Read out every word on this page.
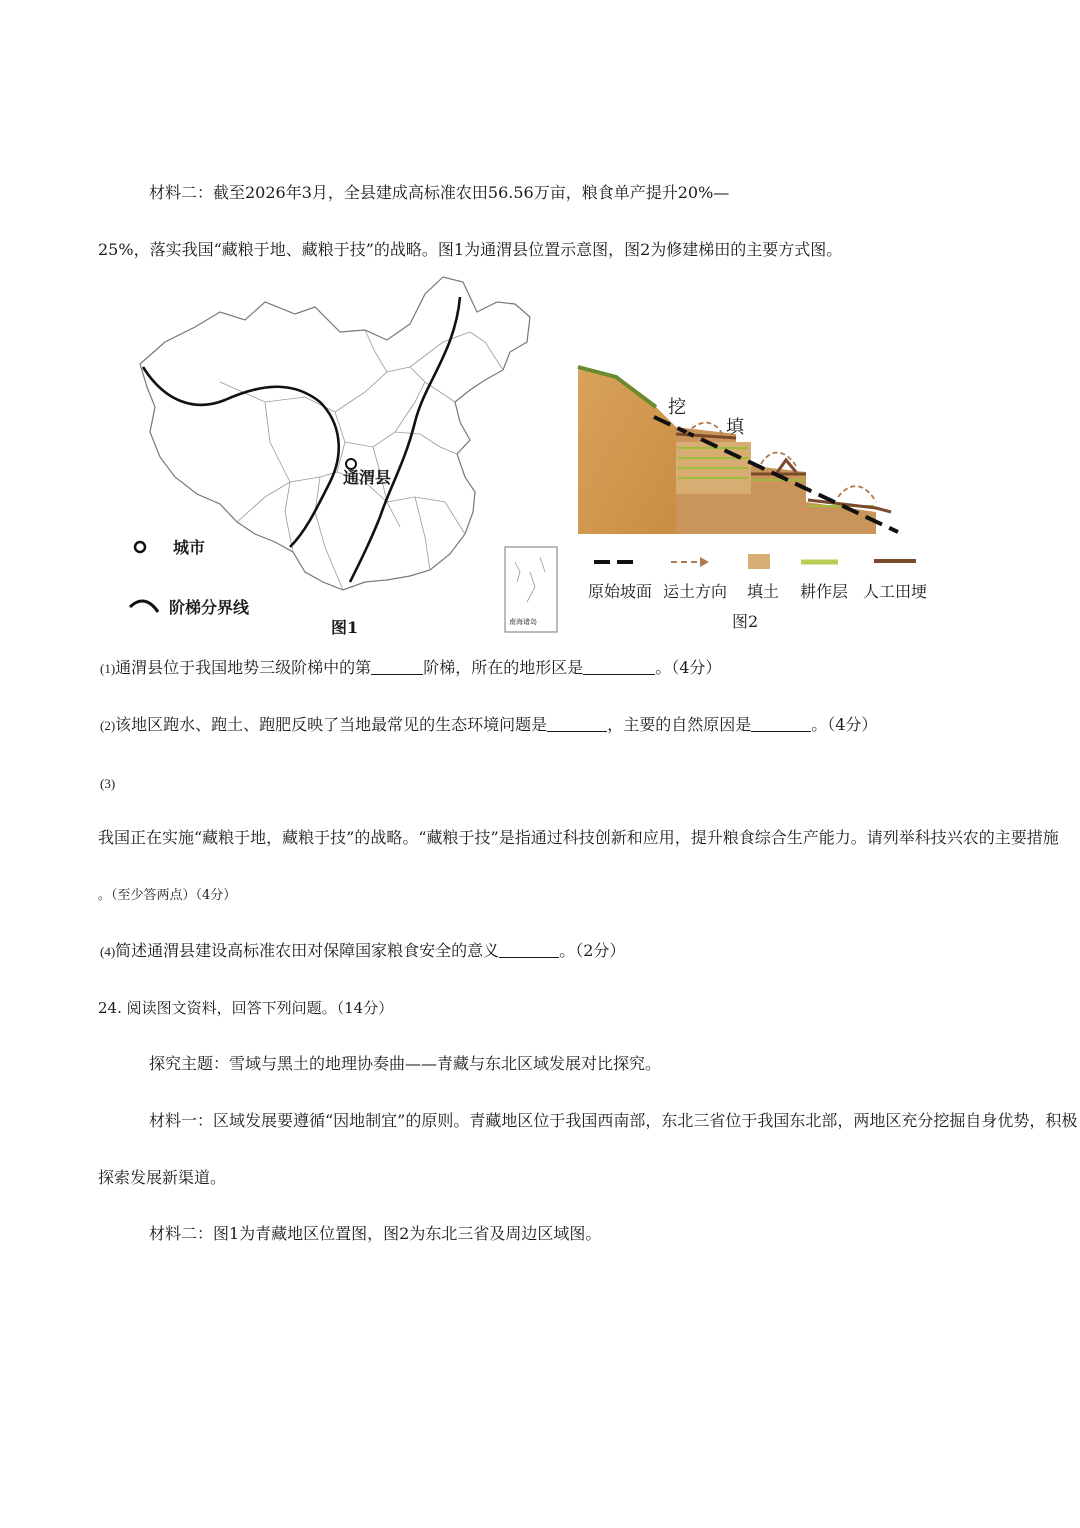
材料二：截至2026年3月，全县建成高标准农田56.56万亩，粮食单产提升20%—
25%，落实我国“藏粮于地、藏粮于技”的战略。图1为通渭县位置示意图，图2为修建梯田的主要方式图。
通渭县
城市
阶梯分界线
图1	南海诸岛
挖
填
原始坡面 运土方向 填土 耕作层 人工田埂
图2
(1)通渭县位于我国地势三级阶梯中的第	阶梯，所在的地形区是	。（4分）
(2)该地区跑水、跑土、跑肥反映了当地最常见的生态环境问题是	，主要的自然原因是	。（4分）
(3)
我国正在实施“藏粮于地，藏粮于技”的战略。“藏粮于技”是指通过科技创新和应用，提升粮食综合生产能力。请列举科技兴农的主要措施
。（至少答两点）（4分）
(4)简述通渭县建设高标准农田对保障国家粮食安全的意义	。（2分）
24. 阅读图文资料，回答下列问题。（14分）
探究主题：雪域与黑土的地理协奏曲——青藏与东北区域发展对比探究。
材料一：区域发展要遵循“因地制宜”的原则。青藏地区位于我国西南部，东北三省位于我国东北部，两地区充分挖掘自身优势，积极
探索发展新渠道。
材料二：图1为青藏地区位置图，图2为东北三省及周边区域图。
